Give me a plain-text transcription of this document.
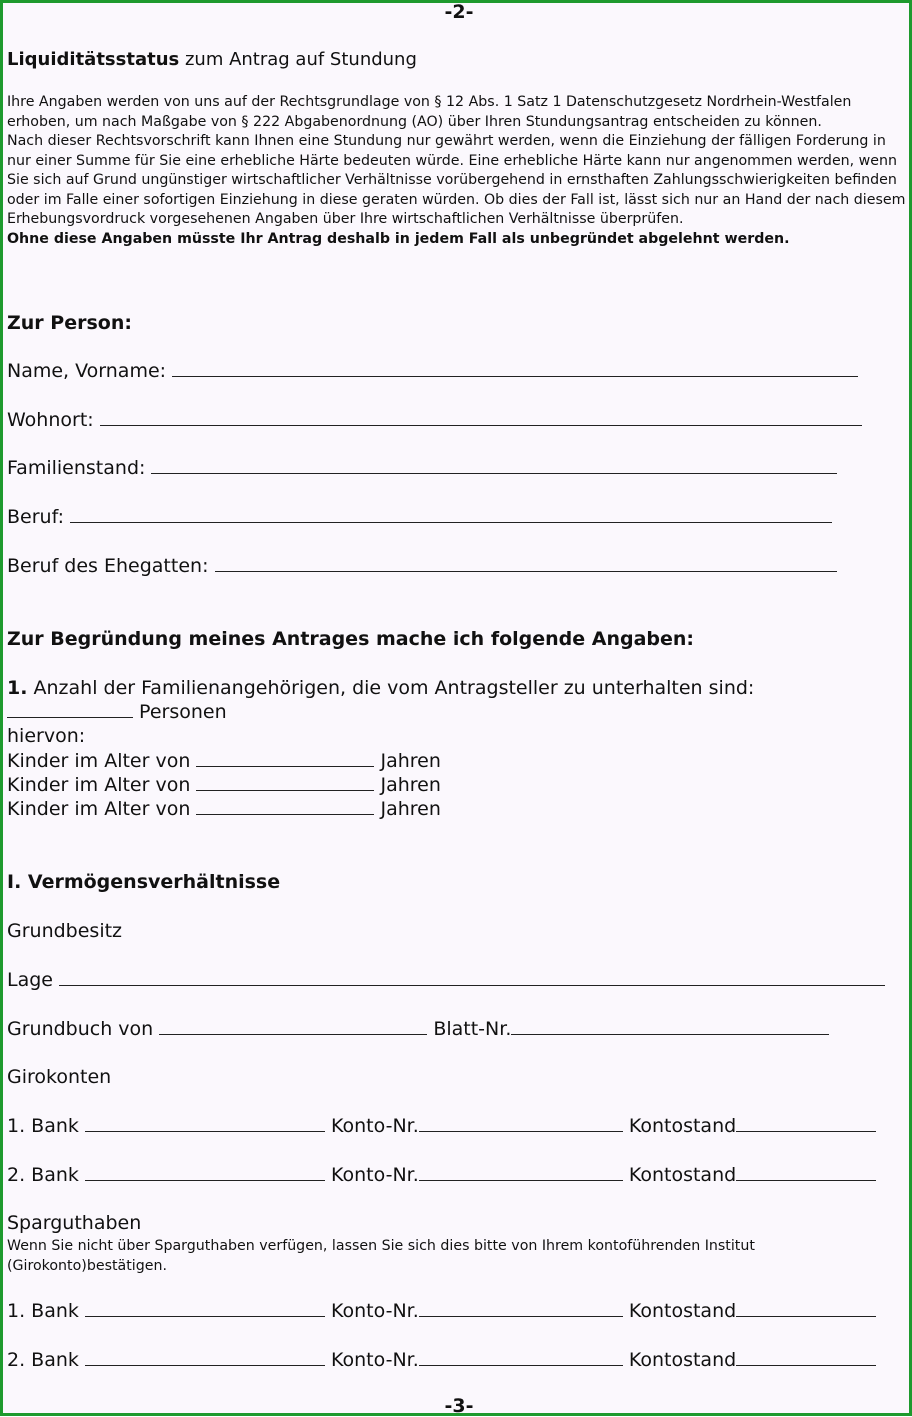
-2-
Liquiditätsstatus zum Antrag auf Stundung

Ihre Angaben werden von uns auf der Rechtsgrundlage von § 12 Abs. 1 Satz 1 Datenschutzgesetz Nordrhein-Westfalen erhoben, um nach Maßgabe von § 222 Abgabenordnung (AO) über Ihren Stundungsantrag entscheiden zu können.

Nach dieser Rechtsvorschrift kann Ihnen eine Stundung nur gewährt werden, wenn die Einziehung der fälligen Forderung in nur einer Summe für Sie eine erhebliche Härte bedeuten würde. Eine erhebliche Härte kann nur angenommen werden, wenn Sie sich auf Grund ungünstiger wirtschaftlicher Verhältnisse vorübergehend in ernsthaften Zahlungsschwierigkeiten befinden oder im Falle einer sofortigen Einziehung in diese geraten würden. Ob dies der Fall ist, lässt sich nur an Hand der nach diesem Erhebungsvordruck vorgesehenen Angaben über Ihre wirtschaftlichen Verhältnisse überprüfen.

Ohne diese Angaben müsste Ihr Antrag deshalb in jedem Fall als unbegründet abgelehnt werden.

Zur Person:
Name, Vorname:
Wohnort:
Familienstand:
Beruf:
Beruf des Ehegatten:
Zur Begründung meines Antrages mache ich folgende Angaben:
1. Anzahl der Familienangehörigen, die vom Antragsteller zu unterhalten sind:
Personen
hiervon:
Kinder im Alter von	Jahren
Kinder im Alter von	Jahren
Kinder im Alter von	Jahren
I. Vermögensverhältnisse
Grundbesitz
Lage
Grundbuch von	Blatt-Nr.
Girokonten
1. Bank	Konto-Nr.	Kontostand
2. Bank	Konto-Nr.	Kontostand
Sparguthaben
Wenn Sie nicht über Sparguthaben verfügen, lassen Sie sich dies bitte von Ihrem kontoführenden Institut (Girokonto)bestätigen.
1. Bank	Konto-Nr.	Kontostand
2. Bank	Konto-Nr.	Kontostand
-3-
